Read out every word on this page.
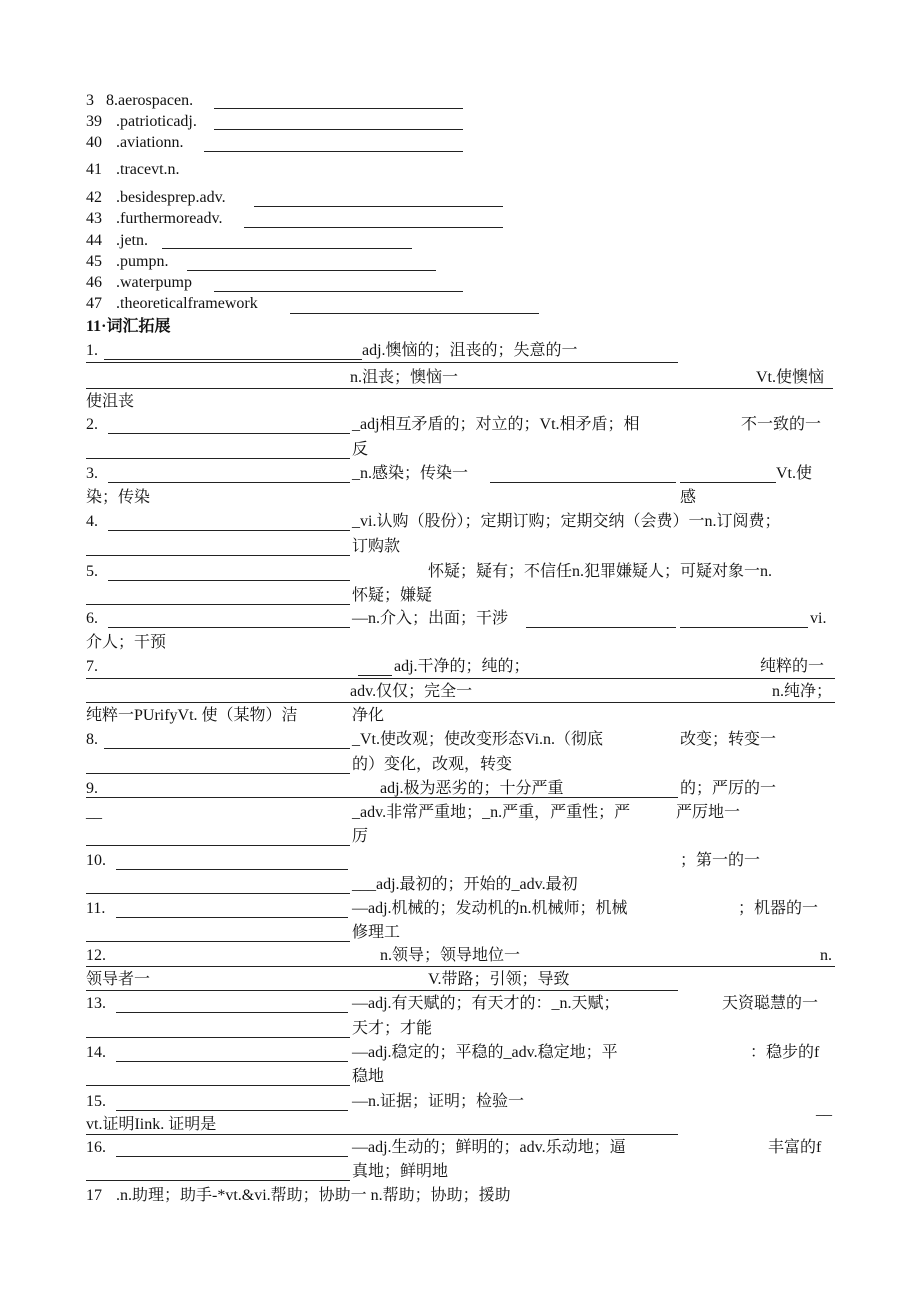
3 8.aerospacen.
39 .patrioticadj.
40 .aviationn.
41 .tracevt.n.
42 .besidesprep.adv.
43 .furthermoreadv.
44 .jetn.
45 .pumpn.
46 .waterpump
47 .theoreticalframework
11·词汇拓展
1.	adj.懊恼的；沮丧的；失意的一
n.沮丧；懊恼一	Vt.使懊恼
使沮丧
2.	_adj相互矛盾的；对立的；Vt.相矛盾；相	不一致的一
反
3.	_n.感染；传染一	Vt.使
染；传染	感
4.	_vi.认购（股份）；定期订购；定期交纳（会费）一n.订阅费；
订购款
5.	怀疑；疑有；不信任n.犯罪嫌疑人；可疑对象一n.
怀疑；嫌疑
6.	—n.介入；出面；干涉	vi.
介人；干预
7.	adj.干净的；纯的；	纯粹的一
adv.仅仅；完全一	n.纯净；
纯粹一PUrifyVt. 使（某物）洁	净化
8.	_Vt.使改观；使改变形态Vi.n.（彻底	改变；转变一
的）变化，改观，转变
9.	adj.极为恶劣的；十分严重	的；严厉的一
__	_adv.非常严重地；_n.严重，严重性；严	严厉地一
厉
10.	；第一的一
___adj.最初的；开始的_adv.最初
11.	—adj.机械的；发动机的n.机械师；机械	；机器的一
修理工
12.	n.领导；领导地位一	n.
领导者一	V.带路；引领；导致
13.	—adj.有天赋的；有天才的：_n.天赋；	天资聪慧的一
天才；才能
14.	—adj.稳定的；平稳的_adv.稳定地；平	：稳步的f
稳地
15.	—n.证据；证明；检验一	__
vt.证明Iink. 证明是
16.	—adj.生动的；鲜明的；adv.乐动地；逼	丰富的f
真地；鲜明地
17 .n.助理；助手-*vt.&vi.帮助；协助一 n.帮助；协助；援助
